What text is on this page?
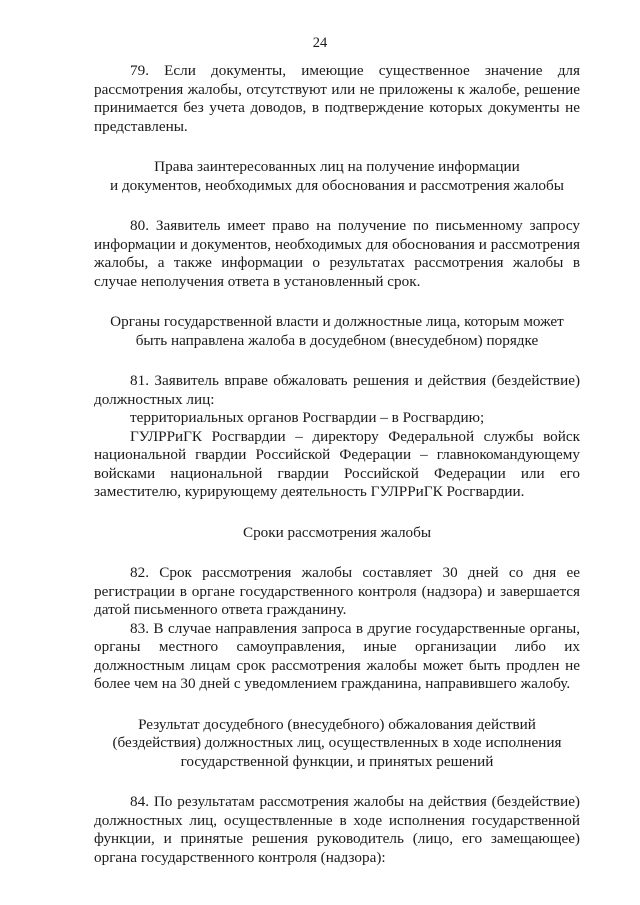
24

79. Если документы, имеющие существенное значение для рассмотрения жалобы, отсутствуют или не приложены к жалобе, решение принимается без учета доводов, в подтверждение которых документы не представлены.

Права заинтересованных лиц на получение информации
и документов, необходимых для обоснования и рассмотрения жалобы

80. Заявитель имеет право на получение по письменному запросу информации и документов, необходимых для обоснования и рассмотрения жалобы, а также информации о результатах рассмотрения жалобы в случае неполучения ответа в установленный срок.

Органы государственной власти и должностные лица, которым может
быть направлена жалоба в досудебном (внесудебном) порядке

81. Заявитель вправе обжаловать решения и действия (бездействие) должностных лиц:

территориальных органов Росгвардии – в Росгвардию;

ГУЛРРиГК Росгвардии – директору Федеральной службы войск национальной гвардии Российской Федерации – главнокомандующему войсками национальной гвардии Российской Федерации или его заместителю, курирующему деятельность ГУЛРРиГК Росгвардии.

Сроки рассмотрения жалобы

82. Срок рассмотрения жалобы составляет 30 дней со дня ее регистрации в органе государственного контроля (надзора) и завершается датой письменного ответа гражданину.

83. В случае направления запроса в другие государственные органы, органы местного самоуправления, иные организации либо их должностным лицам срок рассмотрения жалобы может быть продлен не более чем на 30 дней с уведомлением гражданина, направившего жалобу.

Результат досудебного (внесудебного) обжалования действий
(бездействия) должностных лиц, осуществленных в ходе исполнения
государственной функции, и принятых решений

84. По результатам рассмотрения жалобы на действия (бездействие) должностных лиц, осуществленные в ходе исполнения государственной функции, и принятые решения руководитель (лицо, его замещающее) органа государственного контроля (надзора):
